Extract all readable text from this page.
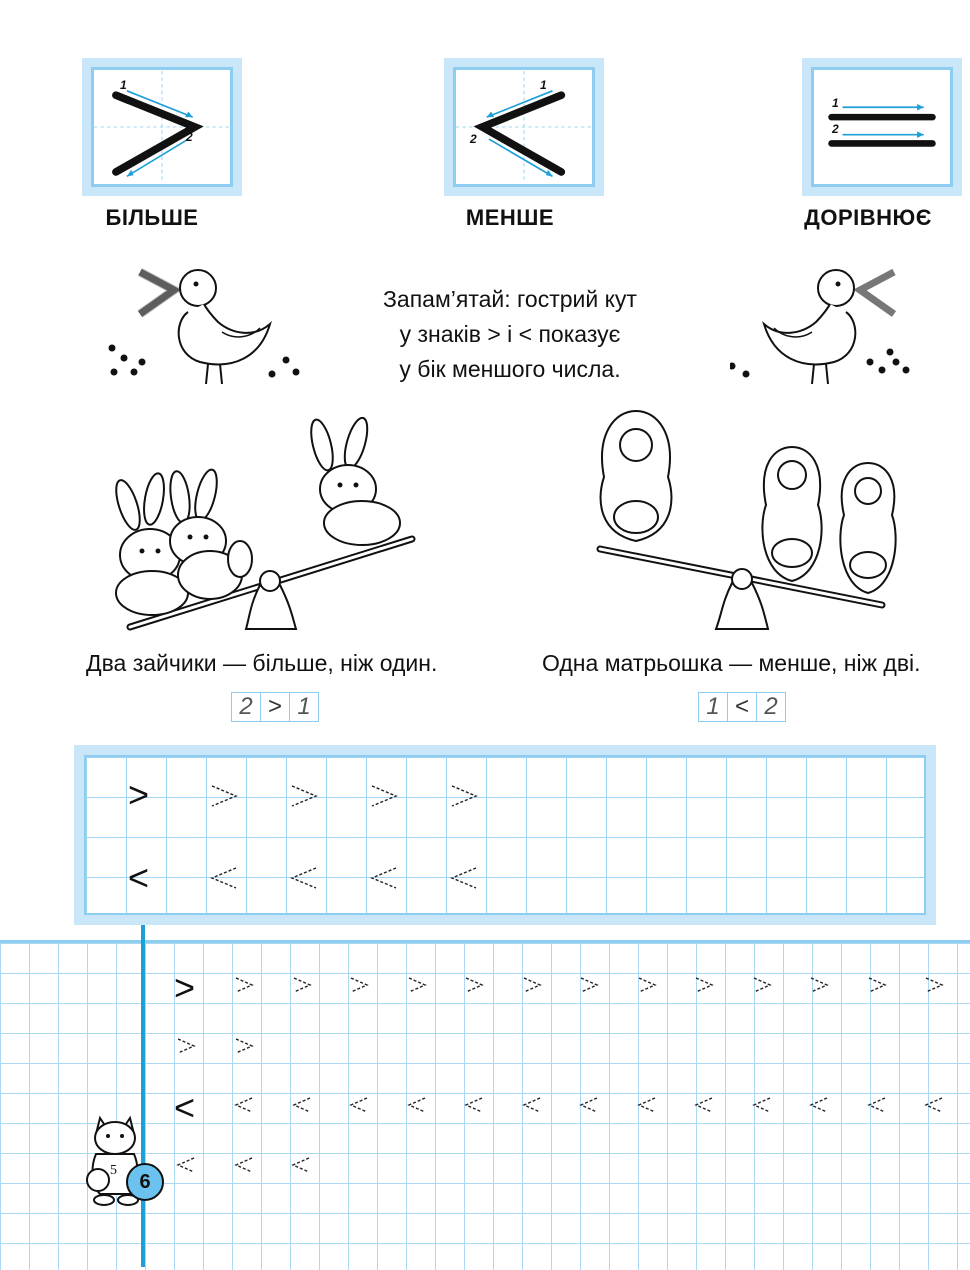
1
2
1
2
1
2
БІЛЬШЕ	МЕНШЕ	ДОРІВНЮЄ
Запам’ятай: гострий кут
у знаків > і < показує
у бік меншого числа.
Два зайчики — більше, ніж один.	Одна матрьошка — менше, ніж дві.
2 > 1	1 < 2
>
<
>
<
5
6
